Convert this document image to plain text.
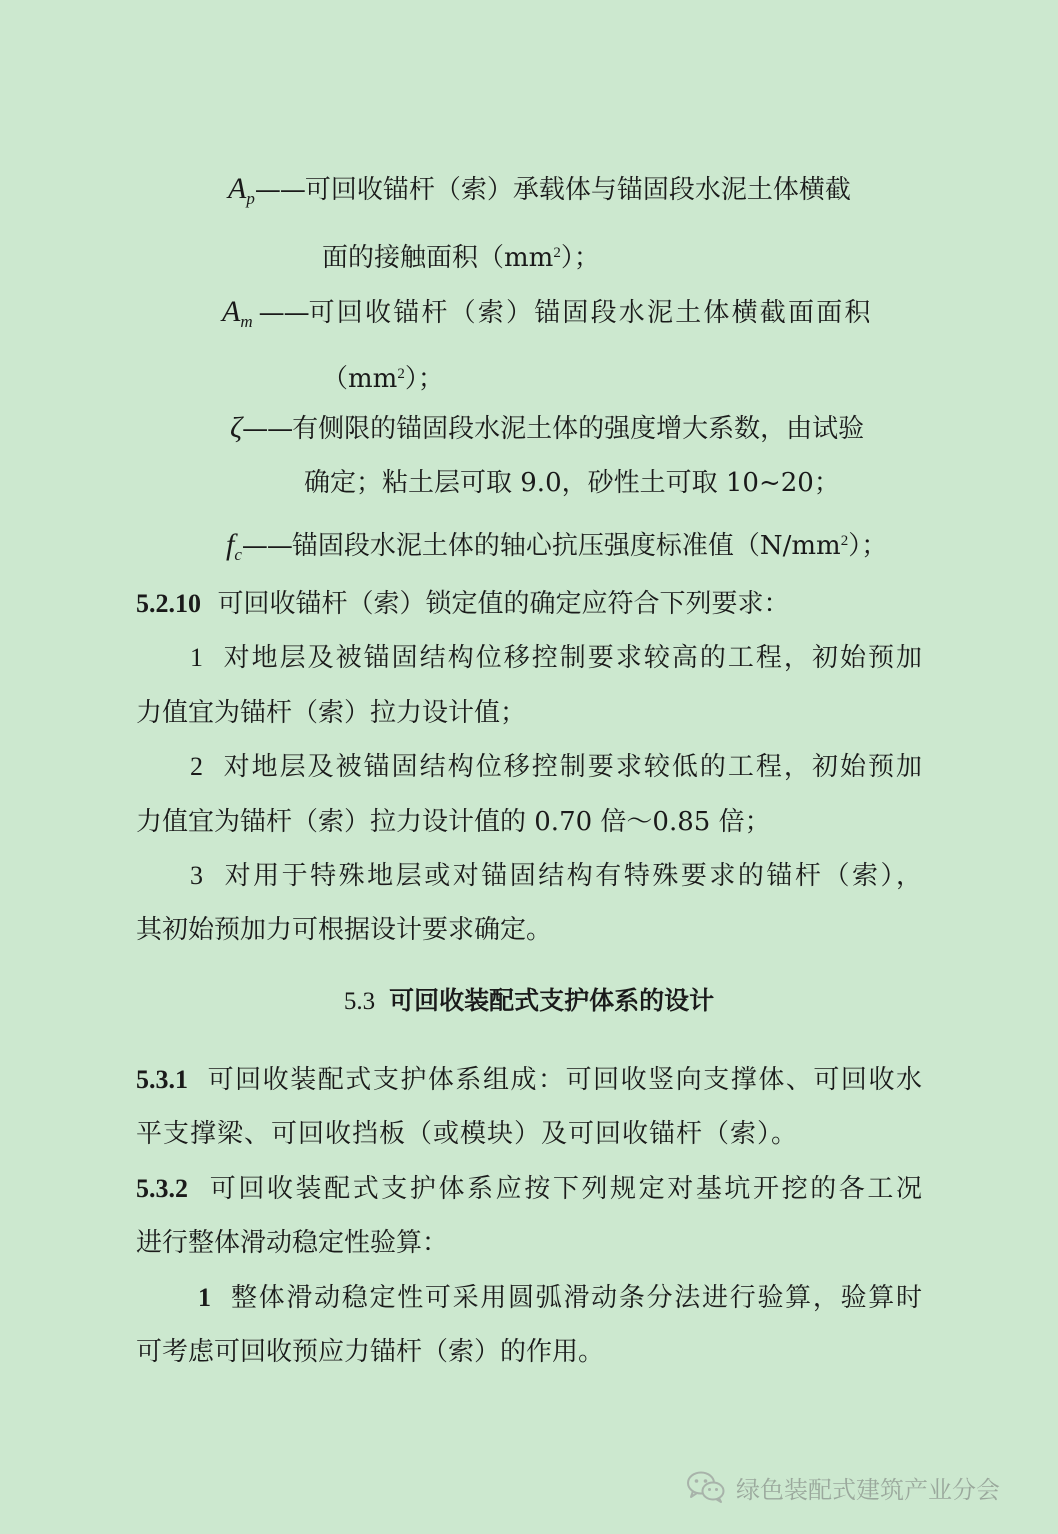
$A_p——$可回收锚杆（索）承载体与锚固段水泥土体横截
面的接触面积$(mm^2)$；
$A_m$ ——可回收锚杆（索）锚固段水泥土体横截面面积
$(mm^2)$；
ζ——有侧限的锚固段水泥土体的强度增大系数，由试验
确定；粘土层可取 9.0，砂性土可取 10~20；
$f_c——$锚固段水泥土体的轴心抗压强度标准值$(N/mm^2)$；
5.2.10 可回收锚杆（索）锁定值的确定应符合下列要求：
1 对地层及被锚固结构位移控制要求较高的工程，初始预加
力值宜为锚杆（索）拉力设计值；
2 对地层及被锚固结构位移控制要求较低的工程，初始预加
力值宜为锚杆（索）拉力设计值的 0.70 倍～0.85 倍；
3 对用于特殊地层或对锚固结构有特殊要求的锚杆（索），
其初始预加力可根据设计要求确定。
5.3 可回收装配式支护体系的设计
5.3.1 可回收装配式支护体系组成：可回收竖向支撑体、可回收水
平支撑梁、可回收挡板（或模块）及可回收锚杆（索）。
5.3.2 可回收装配式支护体系应按下列规定对基坑开挖的各工况
进行整体滑动稳定性验算：
1 整体滑动稳定性可采用圆弧滑动条分法进行验算，验算时
可考虑可回收预应力锚杆（索）的作用。
绿色装配式建筑产业分会
